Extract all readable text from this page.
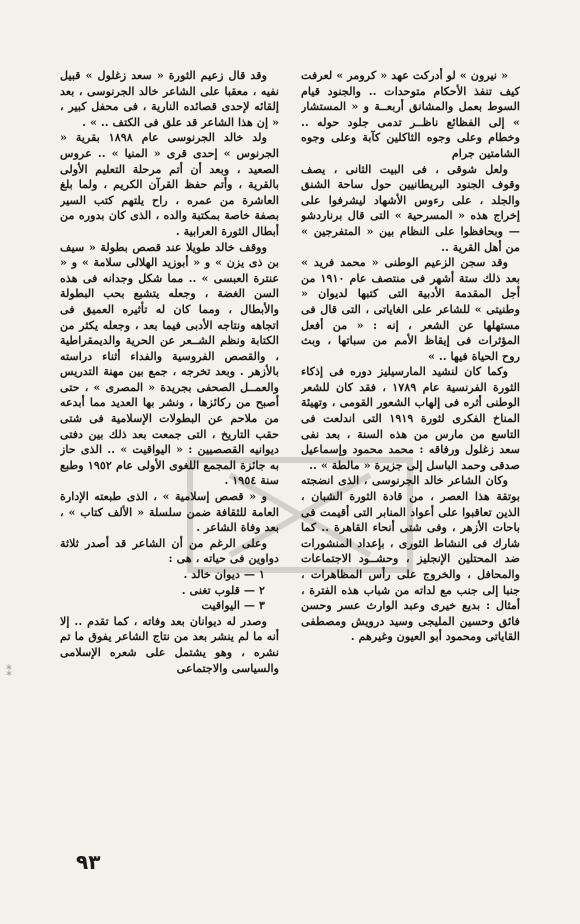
« نيرون » لو أدركت عهد « كرومر » لعرفت كيف تنفذ الأحكام متوحدات .. والجنود قيام السوط بعمل والمشانق أربعــة و « المستشار » إلى الفظائع ناظــر تدمى جلود حوله .. وخطام وعلى وجوه الثاكلين كآبة وعلى وجوه الشامتين جرام

ولعل شوقى ، فى البيت الثانى ، يصف وقوف الجنود البريطانيين حول ساحة الشنق والجلد ، على رءوس الأشهاد ليشرفوا على إخراج هذه « المسرحية » التى قال برناردشو — وبحافظوا على النظام بين « المتفرجين » من أهل القرية ..

وقد سجن الزعيم الوطنى « محمد فريد » بعد ذلك ستة أشهر فى منتصف عام ١٩١٠ من أجل المقدمة الأدبية التى كتبها لديوان « وطنيتى » للشاعر على الغاياتى ، التى قال فى مستهلها عن الشعر ، إنه : « من أفعل المؤثرات فى إيقاظ الأمم من سباتها ، وبث روح الحياة فيها .. »

وكما كان لنشيد المارسيليز دوره فى إذكاء الثورة الفرنسية عام ١٧٨٩ ، فقد كان للشعر الوطنى أثره فى إلهاب الشعور القومى ، وتهيئة المناخ الفكرى لثورة ١٩١٩ التى اندلعت فى التاسع من مارس من هذه السنة ، بعد نفى سعد زغلول ورفاقه : محمد محمود وإسماعيل صدقى وحمد الباسل إلى جزيرة « مالطة » ..

وكان الشاعر خالد الجرنوسى ، الذى انضجته بوتقة هذا العصر ، من قادة الثورة الشبان ، الذين تعاقبوا على أعواد المنابر التى أقيمت فى باحات الأزهر ، وفى شتى أنحاء القاهرة .. كما شارك فى النشاط الثورى ، بإعداد المنشورات ضد المحتلين الإنجليز ، وحشــود الاجتماعات والمحافل ، والخروج على رأس المظاهرات ، جنبا إلى جنب مع لداته من شباب هذه الفترة ، أمثال : بديع خيرى وعبد الوارث عسر وحسن فائق وحسين المليجى وسيد درويش ومصطفى القاياتى ومحمود أبو العيون وغيرهم .

وقد قال زعيم الثورة « سعد زغلول » قبيل نفيه ، معقبا على الشاعر خالد الجرنوسى ، بعد إلقائه لإحدى قصائده النارية ، فى محفل كبير ، « إن هذا الشاعر قد علق فى الكتف .. » .

ولد خالد الجرنوسى عام ١٨٩٨ بقرية « الجرنوس » إحدى قرى « المنيا » .. عروس الصعيد ، وبعد أن أتم مرحلة التعليم الأولى بالقرية ، وأتم حفظ القرآن الكريم ، ولما بلغ العاشرة من عمره ، راح يلتهم كتب السير بصفة خاصة بمكتبة والده ، الذى كان بدوره من أبطال الثورة العرابية .

ووقف خالد طويلا عند قصص بطولة « سيف بن ذى يزن » و « أبوزيد الهلالى سلامة » و « عنترة العبسى » .. مما شكل وجدانه فى هذه السن الغضة ، وجعله يتشبع بحب البطولة والأبطال ، ومما كان له تأثيره العميق فى اتجاهه ونتاجه الأدبى فيما بعد ، وجعله يكثر من الكتابة ونظم الشــعر عن الحرية والديمقراطية ، والقصص الفروسية والفداء أثناء دراسته بالأزهر . وبعد تخرجه ، جمع بين مهنة التدريس والعمــل الصحفى بجريدة « المصرى » ، حتى أصبح من ركائزها ، ونشر بها العديد مما أبدعه من ملاحم عن البطولات الإسلامية فى شتى حقب التاريخ ، التى جمعت بعد ذلك بين دفتى ديوانيه القصصيين : « اليواقيت » .. الذى حاز به جائزة المجمع اللغوى الأولى عام ١٩٥٢ وطبع سنة ١٩٥٤ .

و « قصص إسلامية » ، الذى طبعته الإدارة العامة للثقافة ضمن سلسلة « الألف كتاب » ، بعد وفاة الشاعر .

وعلى الرغم من أن الشاعر قد أصدر ثلاثة دواوين فى حياته ، هى :

١ — ديوان خالد .
٢ — قلوب تغنى .
٣ — اليواقيت

وصدر له ديوانان بعد وفاته ، كما تقدم .. إلا أنه ما لم ينشر بعد من نتاج الشاعر يفوق ما تم نشره ، وهو يشتمل على شعره الإسلامى والسياسى والاجتماعى

⁑
٩٣
